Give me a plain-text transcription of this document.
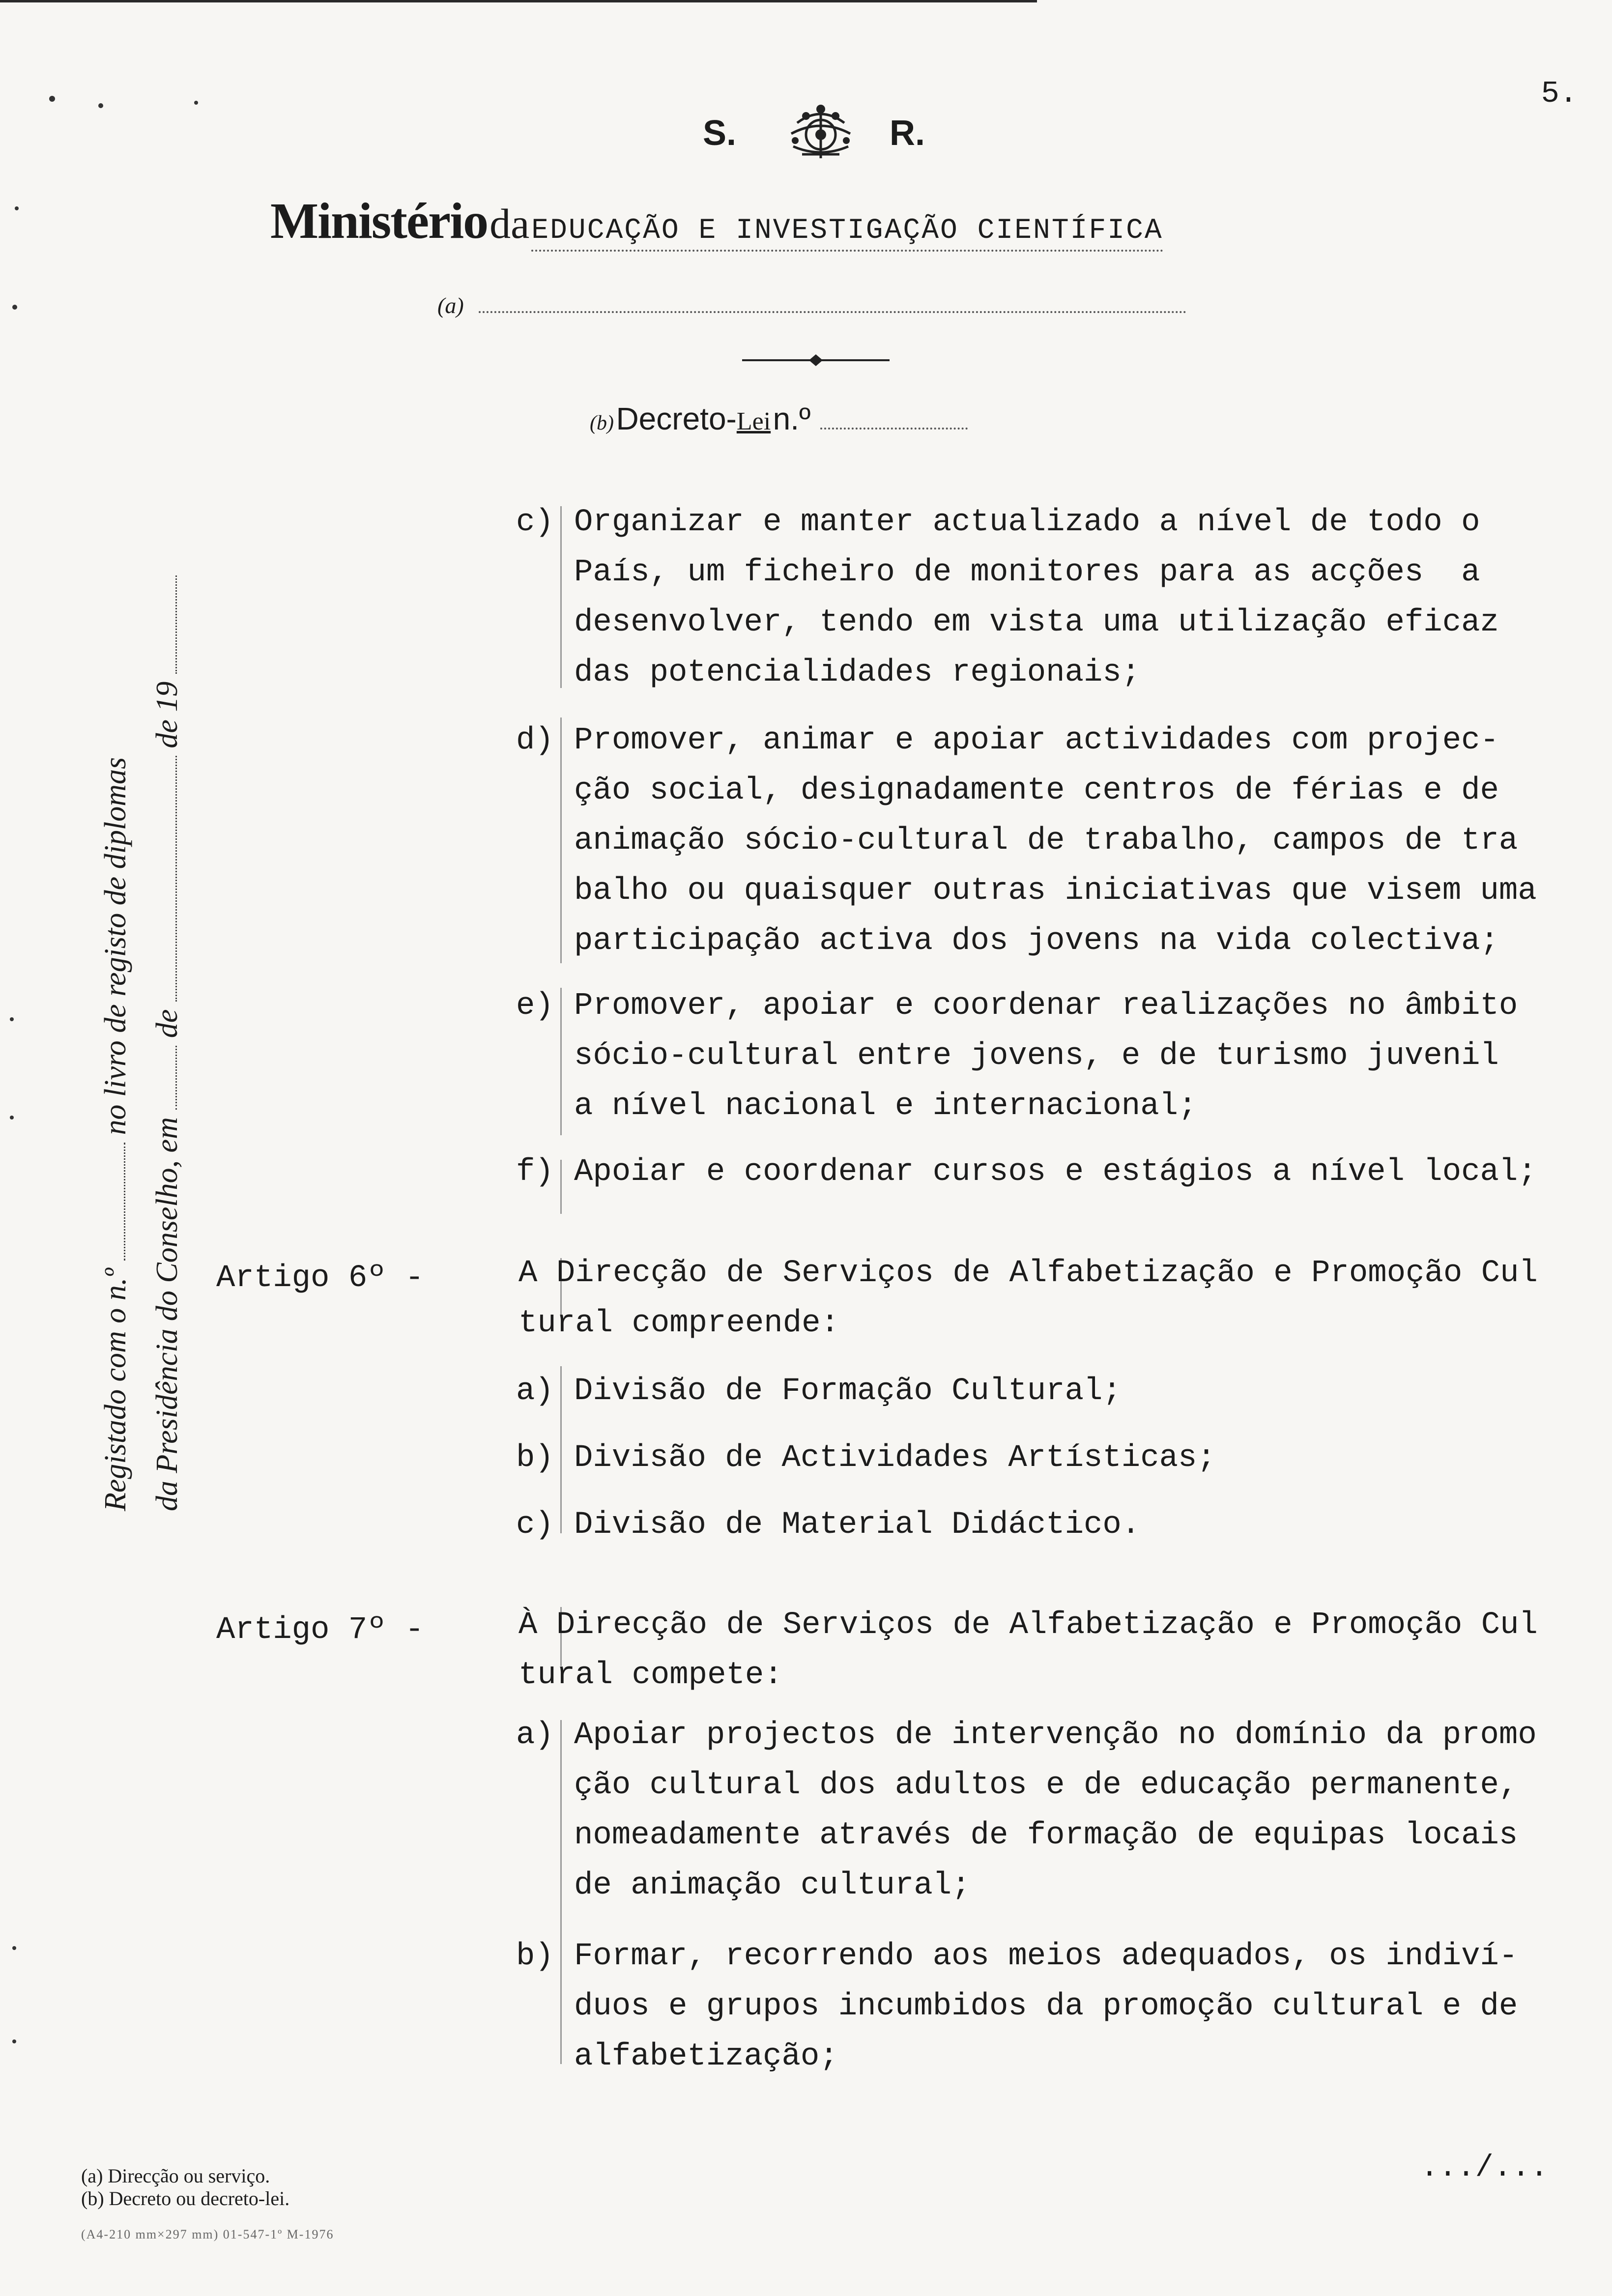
5.
S.	R.
Ministério da EDUCAÇÃO E INVESTIGAÇÃO CIENTÍFICA
(a)
(b) Decreto-Lei n.º
Registado com o n.º  no livro de registo de diplomas
da Presidência do Conselho, em  de  de 19
c) Organizar e manter actualizado a nível de todo o
País, um ficheiro de monitores para as acções  a
desenvolver, tendo em vista uma utilização eficaz
das potencialidades regionais;
d) Promover, animar e apoiar actividades com projec-
ção social, designadamente centros de férias e de
animação sócio-cultural de trabalho, campos de tra
balho ou quaisquer outras iniciativas que visem uma
participação activa dos jovens na vida colectiva;
e) Promover, apoiar e coordenar realizações no âmbito
sócio-cultural entre jovens, e de turismo juvenil
a nível nacional e internacional;
f) Apoiar e coordenar cursos e estágios a nível local;
Artigo 6º -	A Direcção de Serviços de Alfabetização e Promoção Cul
tural compreende:
a) Divisão de Formação Cultural;
b) Divisão de Actividades Artísticas;
c) Divisão de Material Didáctico.
Artigo 7º -	À Direcção de Serviços de Alfabetização e Promoção Cul
tural compete:
a) Apoiar projectos de intervenção no domínio da promo
ção cultural dos adultos e de educação permanente,
nomeadamente através de formação de equipas locais
de animação cultural;
b) Formar, recorrendo aos meios adequados, os indiví-
duos e grupos incumbidos da promoção cultural e de
alfabetização;
.../...
(a) Direcção ou serviço.
(b) Decreto ou decreto-lei.
(A4-210 mm×297 mm) 01-547-1º M-1976
